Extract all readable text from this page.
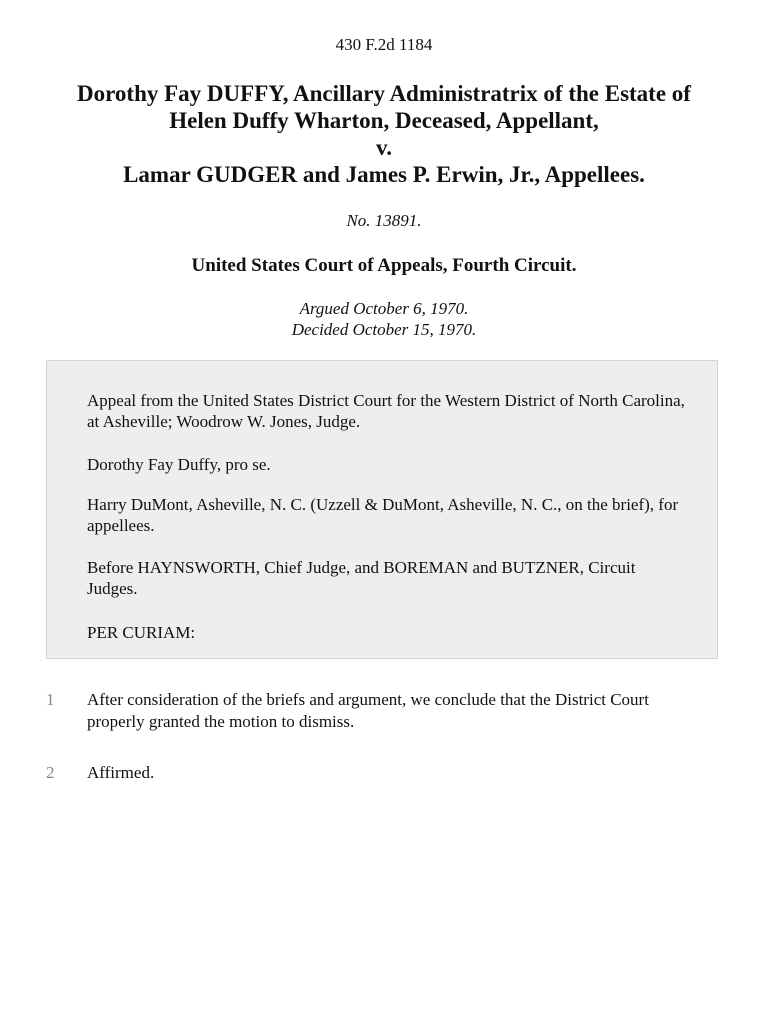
430 F.2d 1184
Dorothy Fay DUFFY, Ancillary Administratrix of the Estate of
Helen Duffy Wharton, Deceased, Appellant,
v.
Lamar GUDGER and James P. Erwin, Jr., Appellees.
No. 13891.
United States Court of Appeals, Fourth Circuit.
Argued October 6, 1970.
Decided October 15, 1970.

Appeal from the United States District Court for the Western District of North Carolina, at Asheville; Woodrow W. Jones, Judge.

Dorothy Fay Duffy, pro se.

Harry DuMont, Asheville, N. C. (Uzzell & DuMont, Asheville, N. C., on the brief), for appellees.

Before HAYNSWORTH, Chief Judge, and BOREMAN and BUTZNER, Circuit Judges.

PER CURIAM:

1	After consideration of the briefs and argument, we conclude that the District Court properly granted the motion to dismiss.
2	Affirmed.
